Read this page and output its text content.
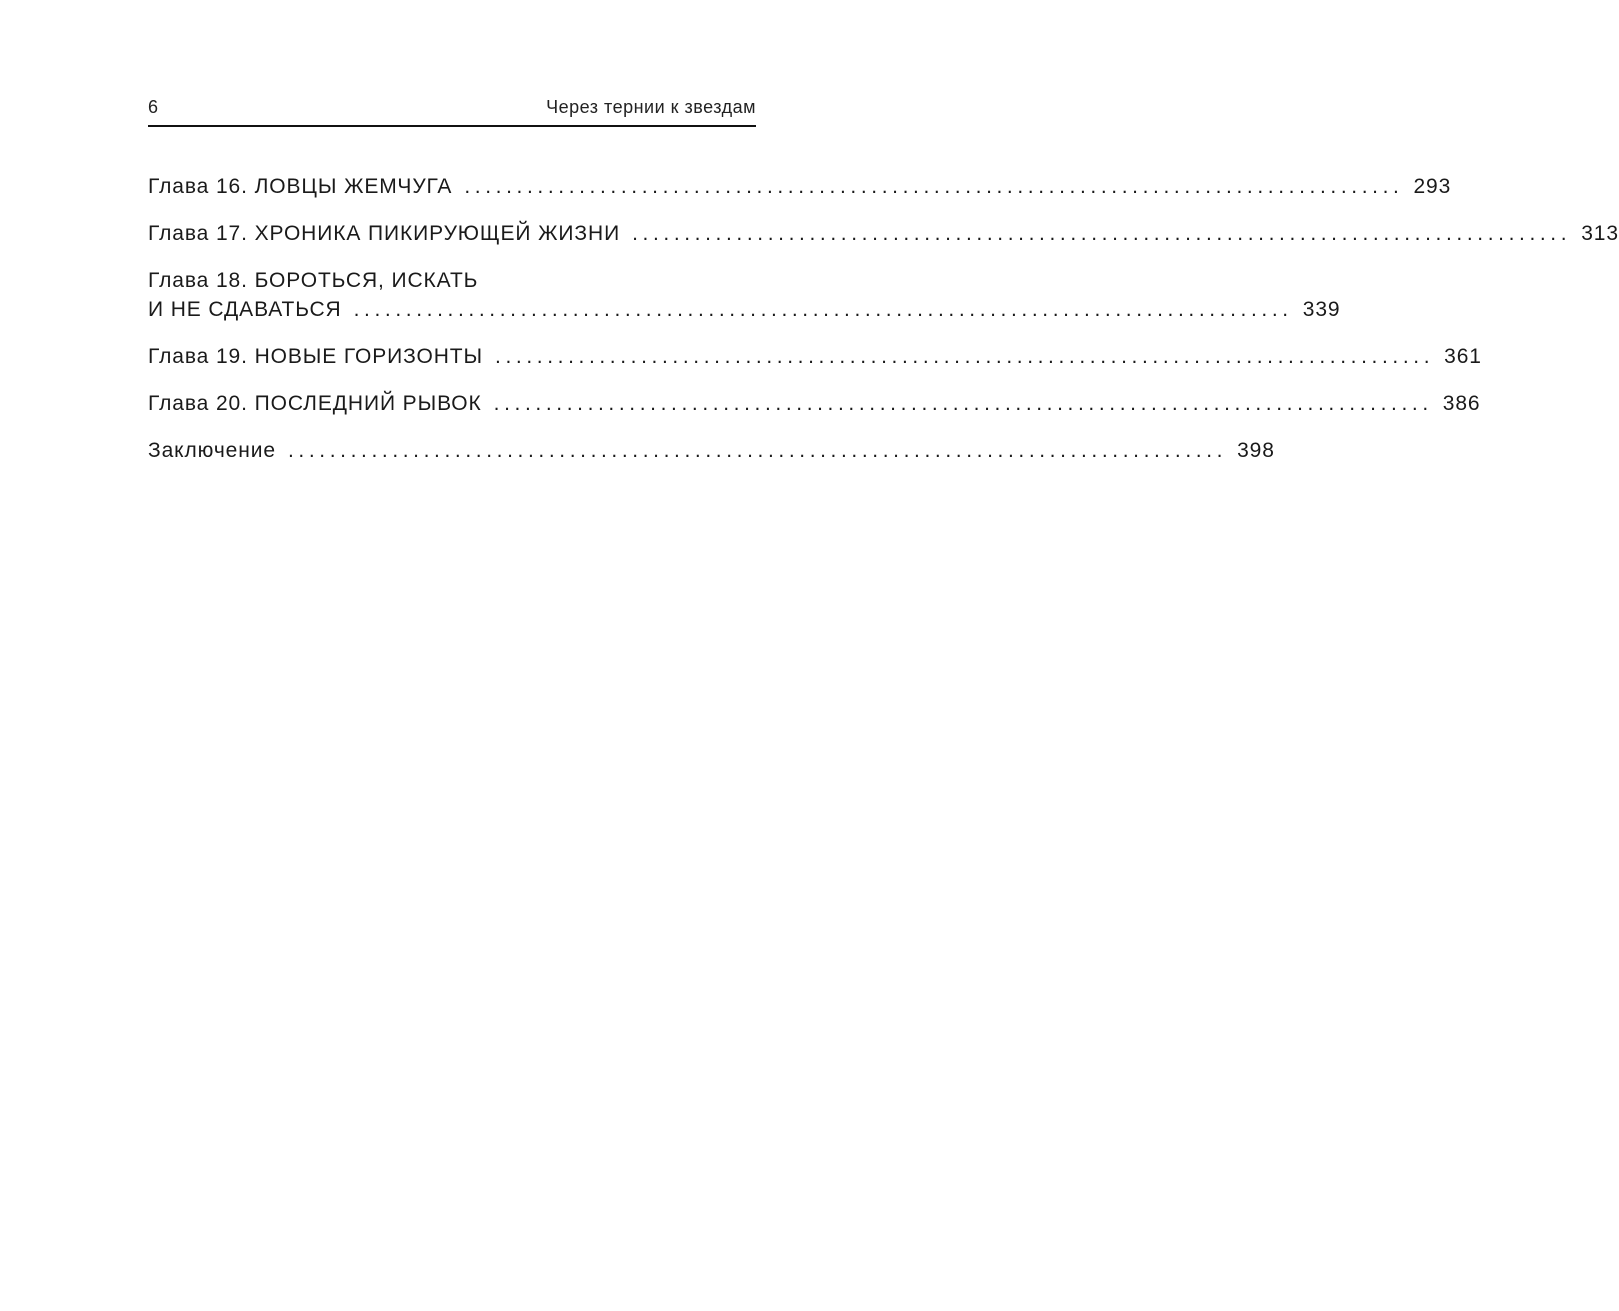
6	Через тернии к звездам
Глава 16. ЛОВЦЫ ЖЕМЧУГА .......................................................................................... 293
Глава 17. ХРОНИКА ПИКИРУЮЩЕЙ ЖИЗНИ .......................................................................................... 313
Глава 18. БОРОТЬСЯ, ИСКАТЬ
И НЕ СДАВАТЬСЯ .......................................................................................... 339
Глава 19. НОВЫЕ ГОРИЗОНТЫ .......................................................................................... 361
Глава 20. ПОСЛЕДНИЙ РЫВОК .......................................................................................... 386
Заключение .......................................................................................... 398
